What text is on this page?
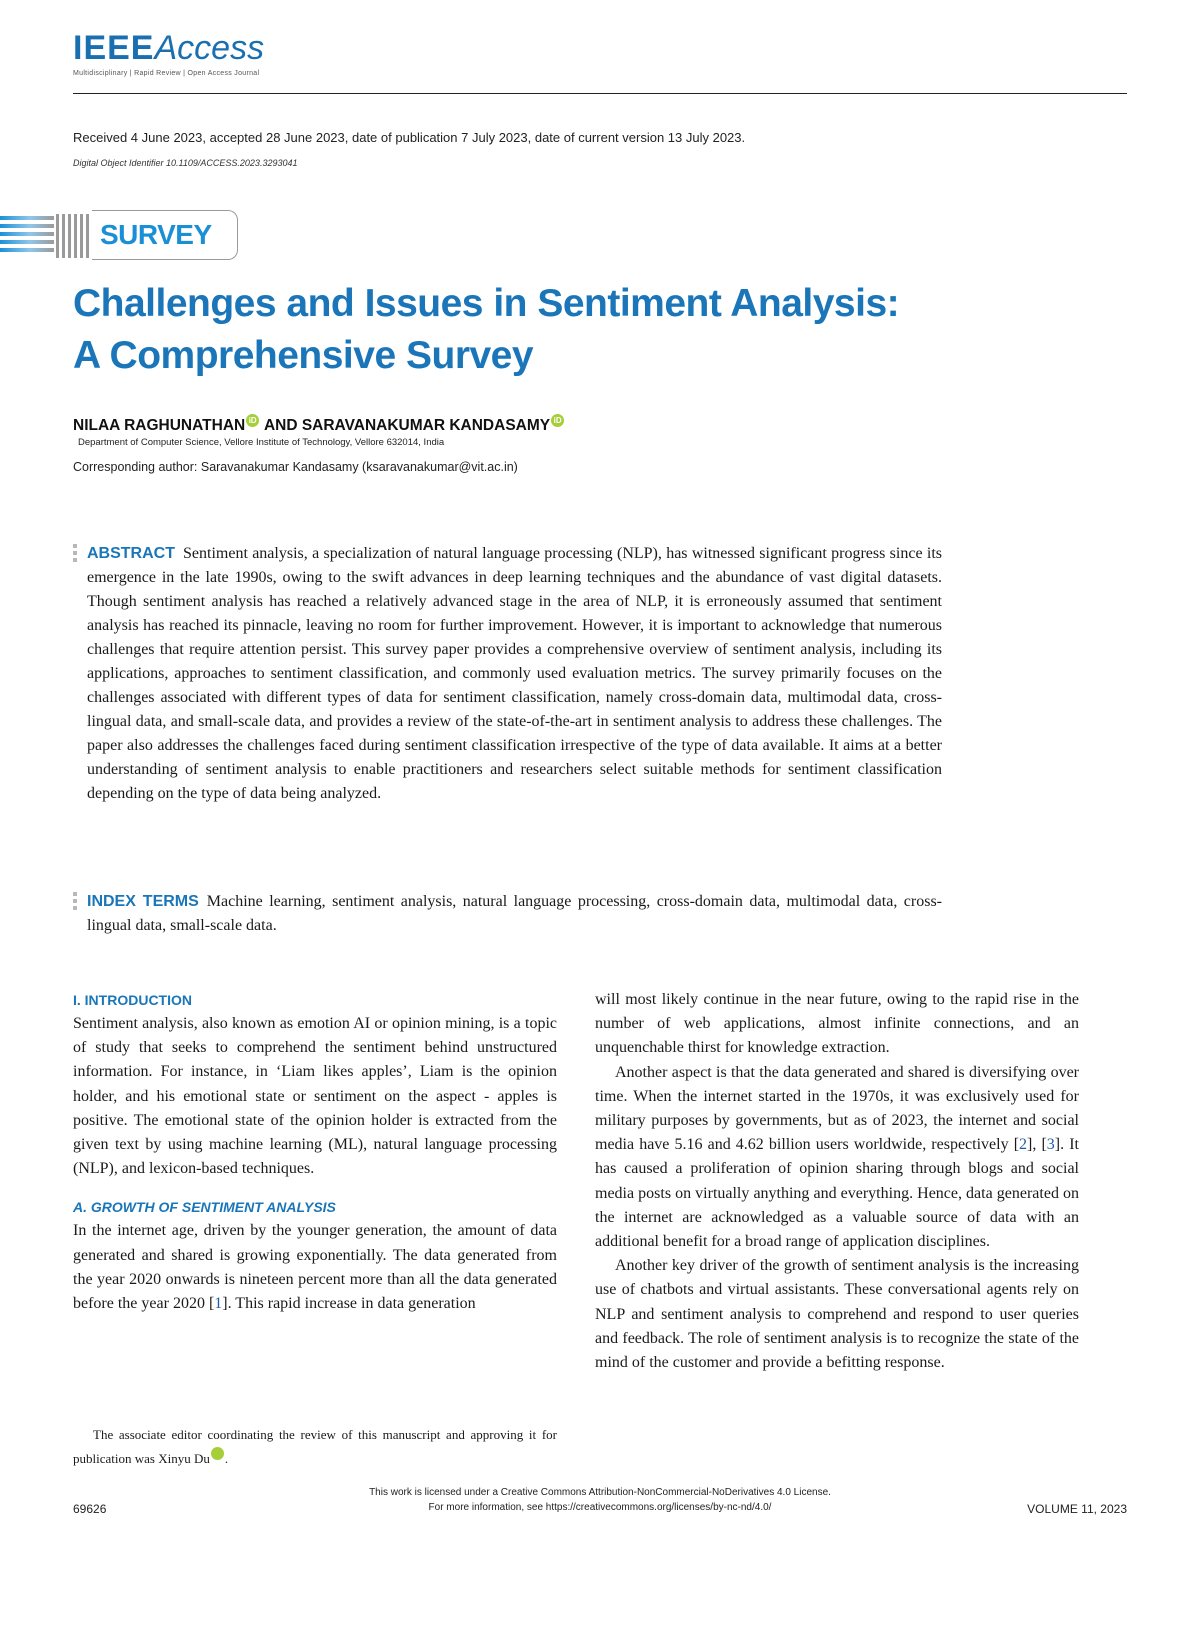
IEEEAccess
Multidisciplinary | Rapid Review | Open Access Journal
Received 4 June 2023, accepted 28 June 2023, date of publication 7 July 2023, date of current version 13 July 2023.
Digital Object Identifier 10.1109/ACCESS.2023.3293041
SURVEY
Challenges and Issues in Sentiment Analysis:
A Comprehensive Survey
NILAA RAGHUNATHAN iD AND SARAVANAKUMAR KANDASAMY iD
Department of Computer Science, Vellore Institute of Technology, Vellore 632014, India
Corresponding author: Saravanakumar Kandasamy (ksaravanakumar@vit.ac.in)
ABSTRACT Sentiment analysis, a specialization of natural language processing (NLP), has witnessed significant progress since its emergence in the late 1990s, owing to the swift advances in deep learning techniques and the abundance of vast digital datasets. Though sentiment analysis has reached a relatively advanced stage in the area of NLP, it is erroneously assumed that sentiment analysis has reached its pinnacle, leaving no room for further improvement. However, it is important to acknowledge that numerous challenges that require attention persist. This survey paper provides a comprehensive overview of sentiment analysis, including its applications, approaches to sentiment classification, and commonly used evaluation metrics. The survey primarily focuses on the challenges associated with different types of data for sentiment classification, namely cross-domain data, multimodal data, cross-lingual data, and small-scale data, and provides a review of the state-of-the-art in sentiment analysis to address these challenges. The paper also addresses the challenges faced during sentiment classification irrespective of the type of data available. It aims at a better understanding of sentiment analysis to enable practitioners and researchers select suitable methods for sentiment classification depending on the type of data being analyzed.
INDEX TERMS Machine learning, sentiment analysis, natural language processing, cross-domain data, multimodal data, cross-lingual data, small-scale data.
I. INTRODUCTION

Sentiment analysis, also known as emotion AI or opinion mining, is a topic of study that seeks to comprehend the sentiment behind unstructured information. For instance, in ‘Liam likes apples’, Liam is the opinion holder, and his emotional state or sentiment on the aspect - apples is positive. The emotional state of the opinion holder is extracted from the given text by using machine learning (ML), natural language processing (NLP), and lexicon-based techniques.

A. GROWTH OF SENTIMENT ANALYSIS

In the internet age, driven by the younger generation, the amount of data generated and shared is growing exponentially. The data generated from the year 2020 onwards is nineteen percent more than all the data generated before the year 2020 [1]. This rapid increase in data generation

will most likely continue in the near future, owing to the rapid rise in the number of web applications, almost infinite connections, and an unquenchable thirst for knowledge extraction.

Another aspect is that the data generated and shared is diversifying over time. When the internet started in the 1970s, it was exclusively used for military purposes by governments, but as of 2023, the internet and social media have 5.16 and 4.62 billion users worldwide, respectively [2], [3]. It has caused a proliferation of opinion sharing through blogs and social media posts on virtually anything and everything. Hence, data generated on the internet are acknowledged as a valuable source of data with an additional benefit for a broad range of application disciplines.

Another key driver of the growth of sentiment analysis is the increasing use of chatbots and virtual assistants. These conversational agents rely on NLP and sentiment analysis to comprehend and respond to user queries and feedback. The role of sentiment analysis is to recognize the state of the mind of the customer and provide a befitting response.

The associate editor coordinating the review of this manuscript and approving it for publication was Xinyu Du	iD.

This work is licensed under a Creative Commons Attribution-NonCommercial-NoDerivatives 4.0 License.
For more information, see https://creativecommons.org/licenses/by-nc-nd/4.0/
69626	VOLUME 11, 2023
